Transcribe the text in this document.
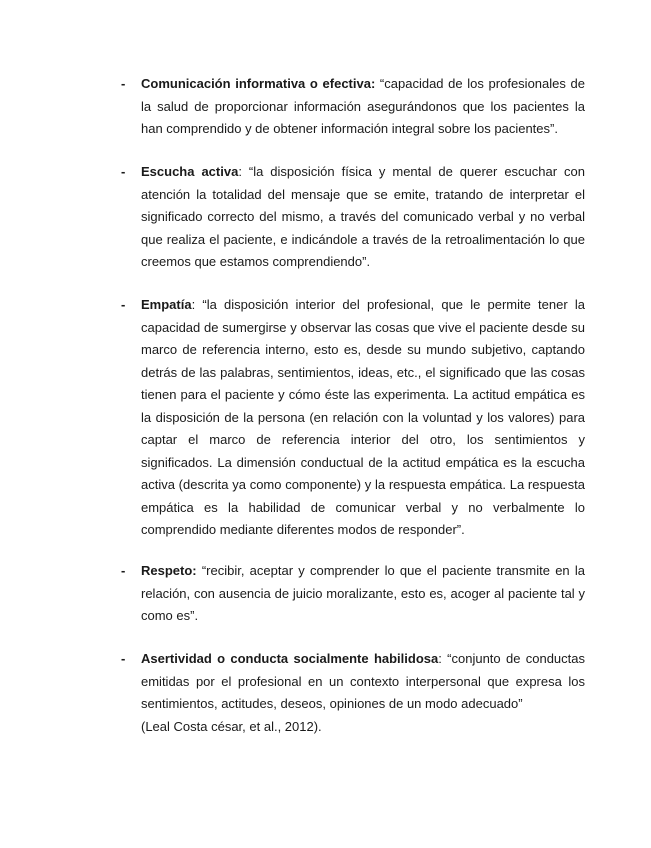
- Comunicación informativa o efectiva: “capacidad de los profesionales de la salud de proporcionar información asegurándonos que los pacientes la han comprendido y de obtener información integral sobre los pacientes”.
- Escucha activa: “la disposición física y mental de querer escuchar con atención la totalidad del mensaje que se emite, tratando de interpretar el significado correcto del mismo, a través del comunicado verbal y no verbal que realiza el paciente, e indicándole a través de la retroalimentación lo que creemos que estamos comprendiendo”.
- Empatía: “la disposición interior del profesional, que le permite tener la capacidad de sumergirse y observar las cosas que vive el paciente desde su marco de referencia interno, esto es, desde su mundo subjetivo, captando detrás de las palabras, sentimientos, ideas, etc., el significado que las cosas tienen para el paciente y cómo éste las experimenta. La actitud empática es la disposición de la persona (en relación con la voluntad y los valores) para captar el marco de referencia interior del otro, los sentimientos y significados. La dimensión conductual de la actitud empática es la escucha activa (descrita ya como componente) y la respuesta empática. La respuesta empática es la habilidad de comunicar verbal y no verbalmente lo comprendido mediante diferentes modos de responder”.
- Respeto: “recibir, aceptar y comprender lo que el paciente transmite en la relación, con ausencia de juicio moralizante, esto es, acoger al paciente tal y como es”.
- Asertividad o conducta socialmente habilidosa: “conjunto de conductas emitidas por el profesional en un contexto interpersonal que expresa los sentimientos, actitudes, deseos, opiniones de un modo adecuado”
(Leal Costa césar, et al., 2012).
